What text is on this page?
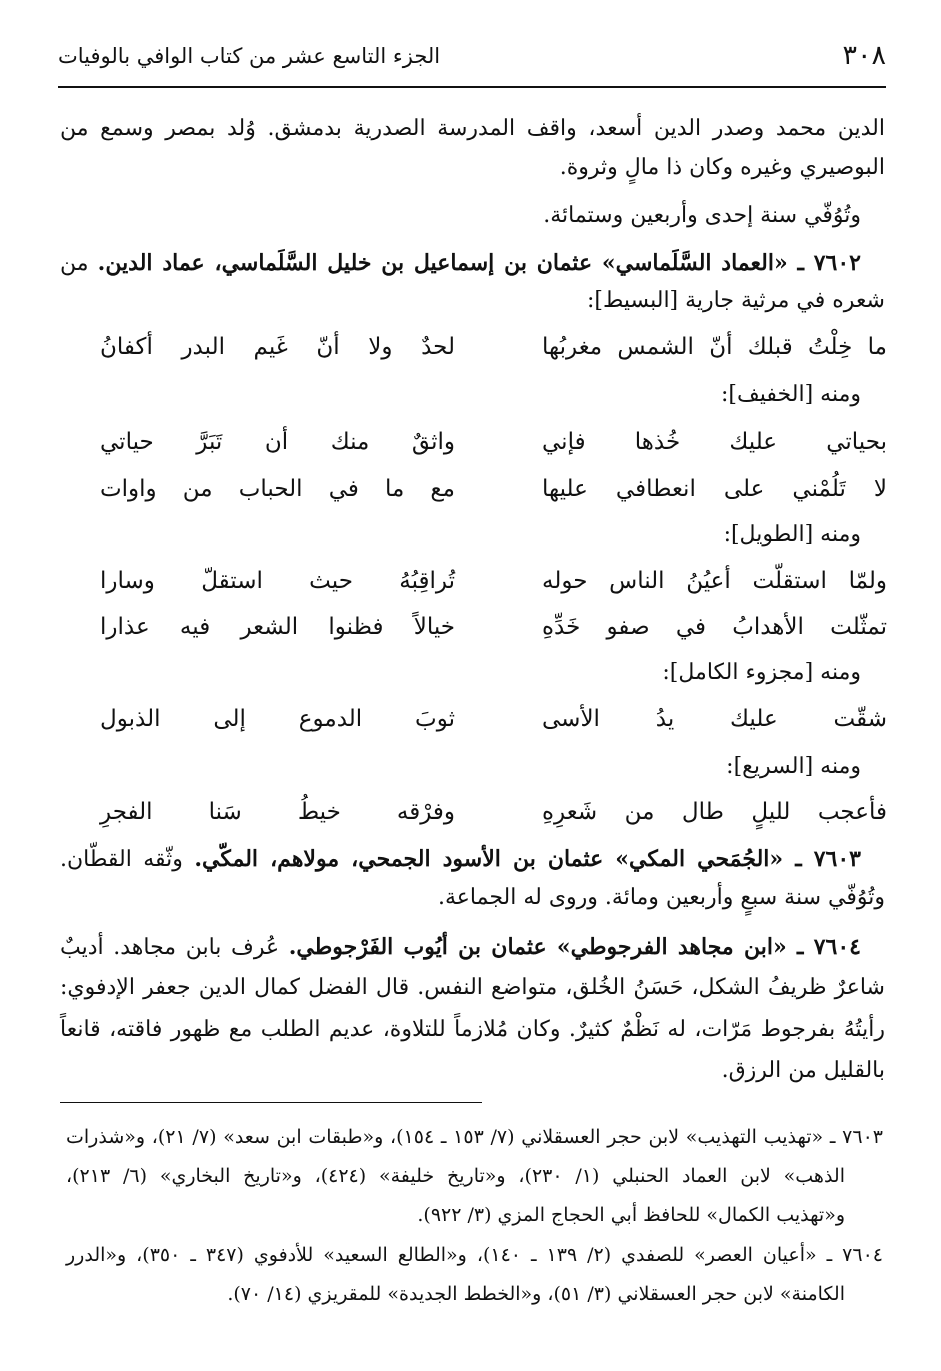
٣٠٨
الجزء التاسع عشر من كتاب الوافي بالوفيات
الدين محمد وصدر الدين أسعد، واقف المدرسة الصدرية بدمشق. وُلد بمصر وسمع من
البوصيري وغيره وكان ذا مالٍ وثروة.
وتُوُفّي سنة إحدى وأربعين وستمائة.
٧٦٠٢ ـ «العماد السَّلَماسي» عثمان بن إسماعيل بن خليل السَّلَماسي، عماد الدين. من
شعره في مرثية جارية [البسيط]:
ما خِلْتُ قبلك أنّ الشمس مغربُها
لحدٌ ولا أنّ غَيم البدر أكفانُ
ومنه [الخفيف]:
بحياتي عليك خُذها فإني
واثقٌ منك أن تَبَرَّ حياتي
لا تَلُمْني على انعطافي عليها
مع ما في الحباب من واوات
ومنه [الطويل]:
ولمّا استقلّت أعيُنُ الناس حوله
تُراقِبُهُ حيث استقلّ وسارا
تمثّلت الأهدابُ في صفو خَدِّهِ
خيالاً فظنوا الشعر فيه عذارا
ومنه [مجزوء الكامل]:
شقّت عليك يدُ الأسى
ثوبَ الدموع إلى الذبول
ومنه [السريع]:
فأعجب لليلٍ طال من شَعرِهِ
وفرْقه خيطُ سَنا الفجرِ
٧٦٠٣ ـ «الجُمَحي المكي» عثمان بن الأسود الجمحي، مولاهم، المكّي. وثّقه القطّان.
وتُوُفّي سنة سبعٍ وأربعين ومائة. وروى له الجماعة.
٧٦٠٤ ـ «ابن مجاهد الفرجوطي» عثمان بن أيُوب الفَرْجوطي. عُرف بابن مجاهد. أديبٌ
شاعرٌ ظريفُ الشكل، حَسَنُ الخُلق، متواضع النفس. قال الفضل كمال الدين جعفر الإدفوي:
رأيتُهُ بفرجوط مَرّات، له نَظْمٌ كثيرٌ. وكان مُلازماً للتلاوة، عديم الطلب مع ظهور فاقته، قانعاً
بالقليل من الرزق.
٧٦٠٣ ـ «تهذيب التهذيب» لابن حجر العسقلاني (٧/ ١٥٣ ـ ١٥٤)، و«طبقات ابن سعد» (٧/ ٢١)، و«شذرات
الذهب» لابن العماد الحنبلي (١/ ٢٣٠)، و«تاريخ خليفة» (٤٢٤)، و«تاريخ البخاري» (٦/ ٢١٣)،
و«تهذيب الكمال» للحافظ أبي الحجاج المزي (٣/ ٩٢٢).
٧٦٠٤ ـ «أعيان العصر» للصفدي (٢/ ١٣٩ ـ ١٤٠)، و«الطالع السعيد» للأدفوي (٣٤٧ ـ ٣٥٠)، و«الدرر
الكامنة» لابن حجر العسقلاني (٣/ ٥١)، و«الخطط الجديدة» للمقريزي (١٤/ ٧٠).
